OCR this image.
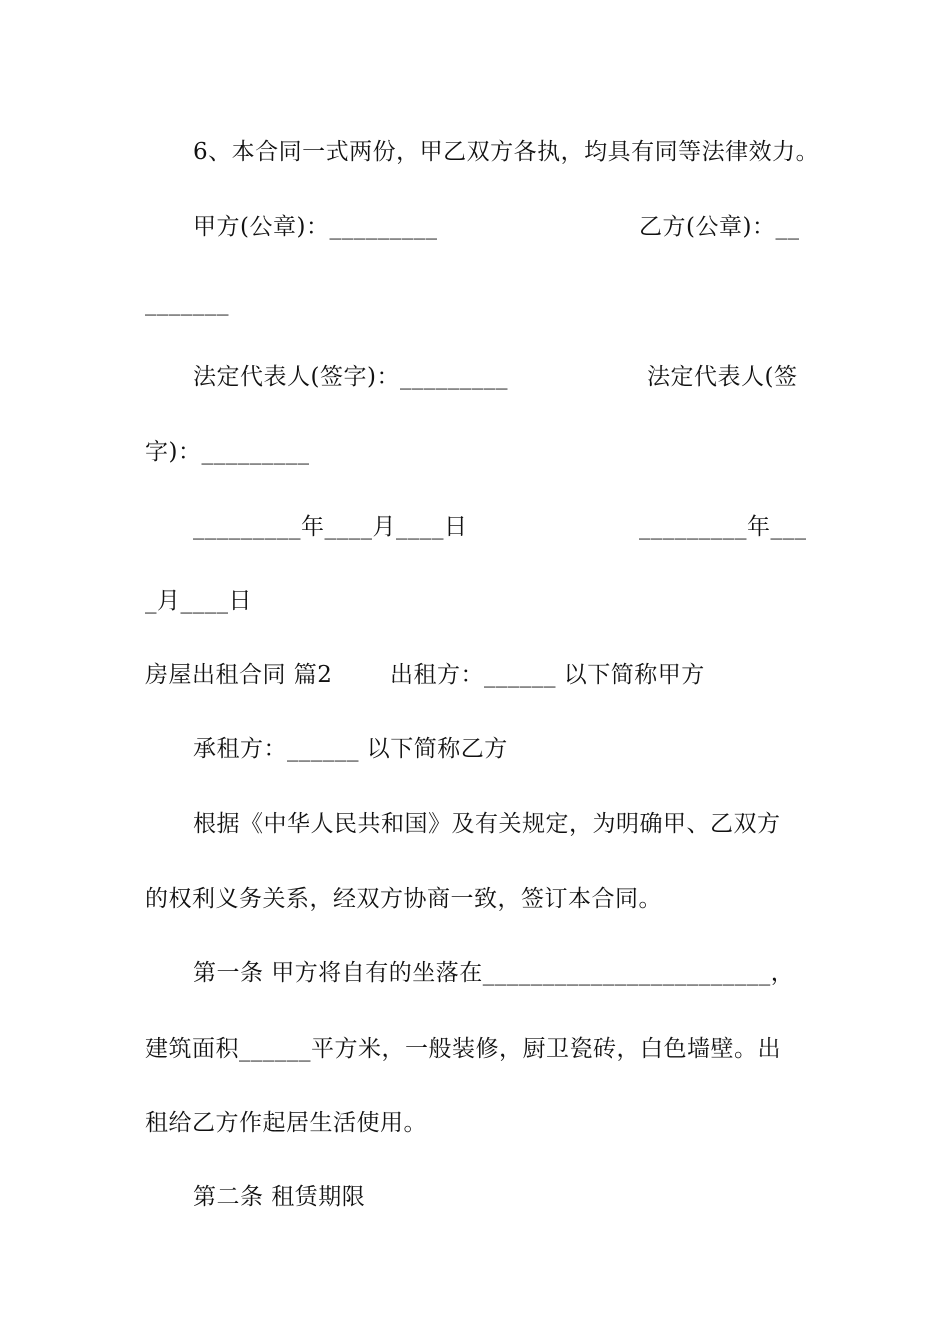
6、本合同一式两份，甲乙双方各执，均具有同等法律效力。
甲方(公章)：_________	乙方(公章)：__
_______
法定代表人(签字)：_________	法定代表人(签
字)：_________
_________年____月____日	_________年___
_月____日
房屋出租合同 篇2	出租方：______ 以下简称甲方
承租方：______ 以下简称乙方
根据《中华人民共和国》及有关规定，为明确甲、乙双方
的权利义务关系，经双方协商一致，签订本合同。
第一条 甲方将自有的坐落在________________________，
建筑面积______平方米，一般装修，厨卫瓷砖，白色墙壁。出
租给乙方作起居生活使用。
第二条 租赁期限
